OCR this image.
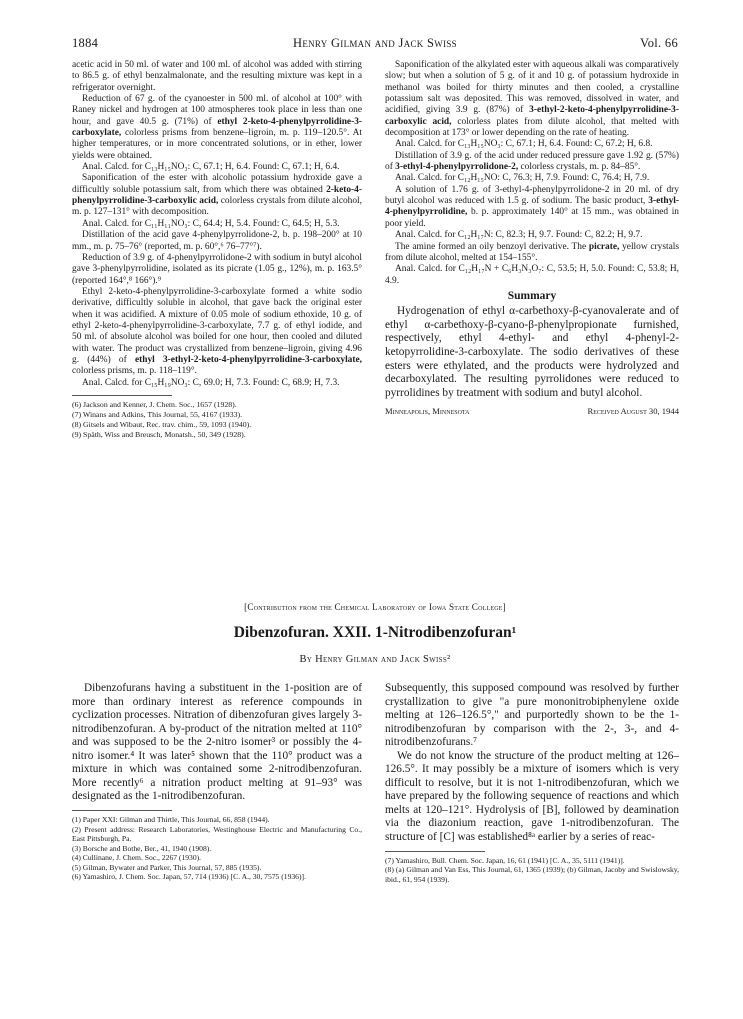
1884	Henry Gilman and Jack Swiss	Vol. 66

acetic acid in 50 ml. of water and 100 ml. of alcohol was added with stirring to 86.5 g. of ethyl benzalmalonate, and the resulting mixture was kept in a refrigerator overnight.

Reduction of 67 g. of the cyanoester in 500 ml. of alcohol at 100° with Raney nickel and hydrogen at 100 atmospheres took place in less than one hour, and gave 40.5 g. (71%) of ethyl 2-keto-4-phenylpyrrolidine-3-carboxylate, colorless prisms from benzene–ligroin, m. p. 119–120.5°. At higher temperatures, or in more concentrated solutions, or in ether, lower yields were obtained.

Anal. Calcd. for C₁₃H₁₅NO₃: C, 67.1; H, 6.4. Found: C, 67.1; H, 6.4.

Saponification of the ester with alcoholic potassium hydroxide gave a difficultly soluble potassium salt, from which there was obtained 2-keto-4-phenylpyrrolidine-3-carboxylic acid, colorless crystals from dilute alcohol, m. p. 127–131° with decomposition.

Anal. Calcd. for C₁₁H₁₁NO₃: C, 64.4; H, 5.4. Found: C, 64.5; H, 5.3.

Distillation of the acid gave 4-phenylpyrrolidone-2, b. p. 198–200° at 10 mm., m. p. 75–76° (reported, m. p. 60°,⁶ 76–77°⁷).

Reduction of 3.9 g. of 4-phenylpyrrolidone-2 with sodium in butyl alcohol gave 3-phenylpyrrolidine, isolated as its picrate (1.05 g., 12%), m. p. 163.5° (reported 164°,⁸ 166°).⁹

Ethyl 2-keto-4-phenylpyrrolidine-3-carboxylate formed a white sodio derivative, difficultly soluble in alcohol, that gave back the original ester when it was acidified. A mixture of 0.05 mole of sodium ethoxide, 10 g. of ethyl 2-keto-4-phenylpyrrolidine-3-carboxylate, 7.7 g. of ethyl iodide, and 50 ml. of absolute alcohol was boiled for one hour, then cooled and diluted with water. The product was crystallized from benzene–ligroin, giving 4.96 g. (44%) of ethyl 3-ethyl-2-keto-4-phenylpyrrolidine-3-carboxylate, colorless prisms, m. p. 118–119°.

Anal. Calcd. for C₁₅H₁₉NO₃: C, 69.0; H, 7.3. Found: C, 68.9; H, 7.3.

(6) Jackson and Kenner, J. Chem. Soc., 1657 (1928).
(7) Winans and Adkins, This Journal, 55, 4167 (1933).
(8) Gitsels and Wibaut, Rec. trav. chim., 59, 1093 (1940).
(9) Späth, Wiss and Breusch, Monatsh., 50, 349 (1928).

Saponification of the alkylated ester with aqueous alkali was comparatively slow; but when a solution of 5 g. of it and 10 g. of potassium hydroxide in methanol was boiled for thirty minutes and then cooled, a crystalline potassium salt was deposited. This was removed, dissolved in water, and acidified, giving 3.9 g. (87%) of 3-ethyl-2-keto-4-phenylpyrrolidine-3-carboxylic acid, colorless plates from dilute alcohol, that melted with decomposition at 173° or lower depending on the rate of heating.

Anal. Calcd. for C₁₃H₁₅NO₃: C, 67.1; H, 6.4. Found: C, 67.2; H, 6.8.

Distillation of 3.9 g. of the acid under reduced pressure gave 1.92 g. (57%) of 3-ethyl-4-phenylpyrrolidone-2, colorless crystals, m. p. 84–85°.

Anal. Calcd. for C₁₂H₁₅NO: C, 76.3; H, 7.9. Found: C, 76.4; H, 7.9.

A solution of 1.76 g. of 3-ethyl-4-phenylpyrrolidone-2 in 20 ml. of dry butyl alcohol was reduced with 1.5 g. of sodium. The basic product, 3-ethyl-4-phenylpyrrolidine, b. p. approximately 140° at 15 mm., was obtained in poor yield.

Anal. Calcd. for C₁₂H₁₇N: C, 82.3; H, 9.7. Found: C, 82.2; H, 9.7.

The amine formed an oily benzoyl derivative. The picrate, yellow crystals from dilute alcohol, melted at 154–155°.

Anal. Calcd. for C₁₂H₁₇N + C₆H₃N₃O₇: C, 53.5; H, 5.0. Found: C, 53.8; H, 4.9.

Summary

Hydrogenation of ethyl α-carbethoxy-β-cyanovalerate and of ethyl α-carbethoxy-β-cyano-β-phenylpropionate furnished, respectively, ethyl 4-ethyl- and ethyl 4-phenyl-2-ketopyrrolidine-3-carboxylate. The sodio derivatives of these esters were ethylated, and the products were hydrolyzed and decarboxylated. The resulting pyrrolidones were reduced to pyrrolidines by treatment with sodium and butyl alcohol.

Minneapolis, Minnesota	Received August 30, 1944
[Contribution from the Chemical Laboratory of Iowa State College]
Dibenzofuran. XXII. 1-Nitrodibenzofuran¹
By Henry Gilman and Jack Swiss²

Dibenzofurans having a substituent in the 1-position are of more than ordinary interest as reference compounds in cyclization processes. Nitration of dibenzofuran gives largely 3-nitrodibenzofuran. A by-product of the nitration melted at 110° and was supposed to be the 2-nitro isomer³ or possibly the 4-nitro isomer.⁴ It was later⁵ shown that the 110° product was a mixture in which was contained some 2-nitrodibenzofuran. More recently⁶ a nitration product melting at 91–93° was designated as the 1-nitrodibenzofuran.

(1) Paper XXI: Gilman and Thirtle, This Journal, 66, 858 (1944).
(2) Present address: Research Laboratories, Westinghouse Electric and Manufacturing Co., East Pittsburgh, Pa.
(3) Borsche and Bothe, Ber., 41, 1940 (1908).
(4) Cullinane, J. Chem. Soc., 2267 (1930).
(5) Gilman, Bywater and Parker, This Journal, 57, 885 (1935).
(6) Yamashiro, J. Chem. Soc. Japan, 57, 714 (1936) [C. A., 30, 7575 (1936)].

Subsequently, this supposed compound was resolved by further crystallization to give "a pure mononitrobiphenylene oxide melting at 126–126.5°," and purportedly shown to be the 1-nitrodibenzofuran by comparison with the 2-, 3-, and 4-nitrodibenzofurans.⁷

We do not know the structure of the product melting at 126–126.5°. It may possibly be a mixture of isomers which is very difficult to resolve, but it is not 1-nitrodibenzofuran, which we have prepared by the following sequence of reactions and which melts at 120–121°. Hydrolysis of [B], followed by deamination via the diazonium reaction, gave 1-nitrodibenzofuran. The structure of [C] was established⁸ᵃ earlier by a series of reac-

(7) Yamashiro, Bull. Chem. Soc. Japan, 16, 61 (1941) [C. A., 35, 5111 (1941)].
(8) (a) Gilman and Van Ess, This Journal, 61, 1365 (1939); (b) Gilman, Jacoby and Swislowsky, ibid., 61, 954 (1939).
